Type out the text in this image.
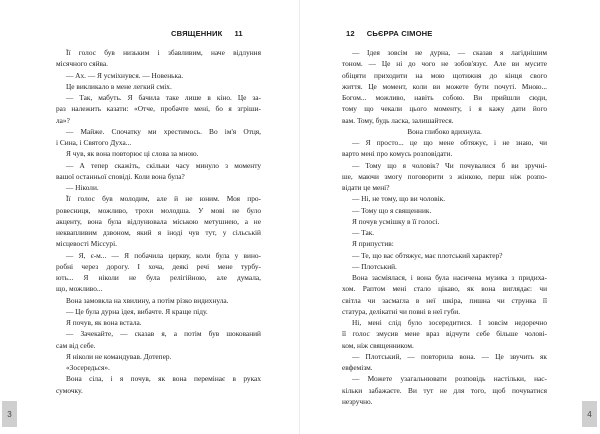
СВЯЩЕННИК 11
Її голос був низьким і збавливим, наче відлуння
місячного сяйва.
— Ах. — Я усміхнувся. — Новенька.
Це викликало в мене легкий сміх.
— Так, мабуть. Я бачила таке лише в кіно. Це за-
раз належить казати: «Отче, пробачте мені, бо я згріши-
ла»?
— Майже. Спочатку ми хрестимось. Во ім'я Отця,
і Сина, і Святого Духа...
Я чув, як вона повторює ці слова за мною.
— А тепер скажіть, скільки часу минуло з моменту
вашої останньої сповіді. Коли вона була?
— Ніколи.
Її голос був молодим, але й не юним. Моя про-
ровесниця, можливо, трохи молодша. У мові не було
акценту, вона була відлунювала міською метушнею, а не
неквапливим дзвоном, який я іноді чув тут, у сільській
місцевості Міссурі.
— Я, є-м... — Я побачила церкву, коли була у вино-
робні через дорогу. І хоча, деякі речі мене турбу-
ють... Я ніколи не була релігійною, але думала,
що, можливо...
Вона замовкла на хвилину, а потім різко видихнула.
— Це була дурна ідея, вибачте. Я краще піду.
Я почув, як вона встала.
— Зачекайте, — сказав я, а потім був шокований
сам від себе.
Я ніколи не командував. Дотепер.
«Зосередься».
Вона сіла, і я почув, як вона перемінає в руках
сумочку.
3
12 СЬЄРРА СІМОНЕ
— Ідея зовсім не дурна, — сказав я лагіднішим
тоном. — Це ні до чого не зобов'язує. Але ви мусите
обіцяти приходити на мою щотижня до кінця свого
життя. Це момент, коли ви можете бути почуті. Мною...
Богом... можливо, навіть собою. Ви прийшли сюди,
тому що чекали цього моменту, і я кажу дати його
вам. Тому, будь ласка, залишайтеся.
Вона глибоко вдихнула.
— Я просто... це що мене обтяжує, і не знаю, чи
варто мені про комусь розповідати.
— Тому що я чоловік? Чи почувалися б ви зручні-
ше, маючи змогу поговорити з жінкою, перш ніж розпо-
відати це мені?
— Ні, не тому, що ви чоловік.
— Тому що я священник.
Я почув усмішку в її голосі.
— Так.
Я припустив:
— Те, що вас обтяжує, має плотський характер?
— Плотський.
Вона засміялася, і вона була насичена музика з придиха-
хом. Раптом мені стало цікаво, як вона виглядає: чи
світла чи засмагла в неї шкіра, пишна чи струнка її
статура, делікатні чи повні в неї губи.
Ні, мені слід було зосередитися. І зовсім недоречно
її голос змусив мене враз відчути себе більше чолові-
ком, ніж священником.
— Плотський, — повторила вона. — Це звучить як
евфемізм.
— Можете узагальнювати розповідь настільки, нас-
кільки забажаєте. Ви тут не для того, щоб почуватися
незручно.
4
